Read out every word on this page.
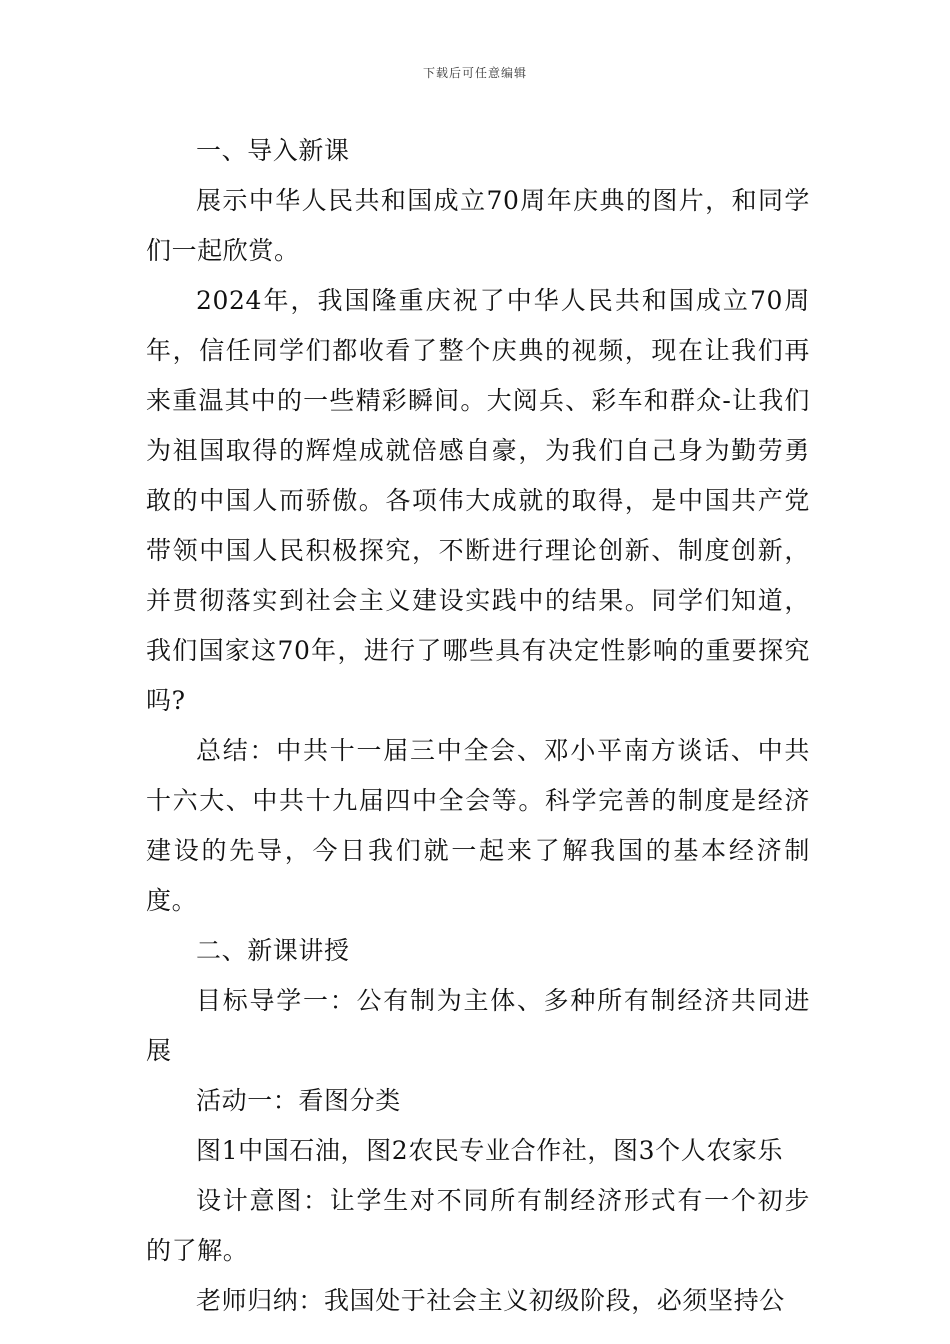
下载后可任意编辑

一、导入新课

展示中华人民共和国成立70周年庆典的图片，和同学们一起欣赏。

2024年，我国隆重庆祝了中华人民共和国成立70周年，信任同学们都收看了整个庆典的视频，现在让我们再来重温其中的一些精彩瞬间。大阅兵、彩车和群众-让我们为祖国取得的辉煌成就倍感自豪，为我们自己身为勤劳勇敢的中国人而骄傲。各项伟大成就的取得，是中国共产党带领中国人民积极探究，不断进行理论创新、制度创新，并贯彻落实到社会主义建设实践中的结果。同学们知道，我们国家这70年，进行了哪些具有决定性影响的重要探究吗?

总结：中共十一届三中全会、邓小平南方谈话、中共十六大、中共十九届四中全会等。科学完善的制度是经济建设的先导，今日我们就一起来了解我国的基本经济制度。

二、新课讲授

目标导学一：公有制为主体、多种所有制经济共同进展

活动一：看图分类

图1中国石油，图2农民专业合作社，图3个人农家乐

设计意图：让学生对不同所有制经济形式有一个初步的了解。

老师归纳：我国处于社会主义初级阶段，必须坚持公
